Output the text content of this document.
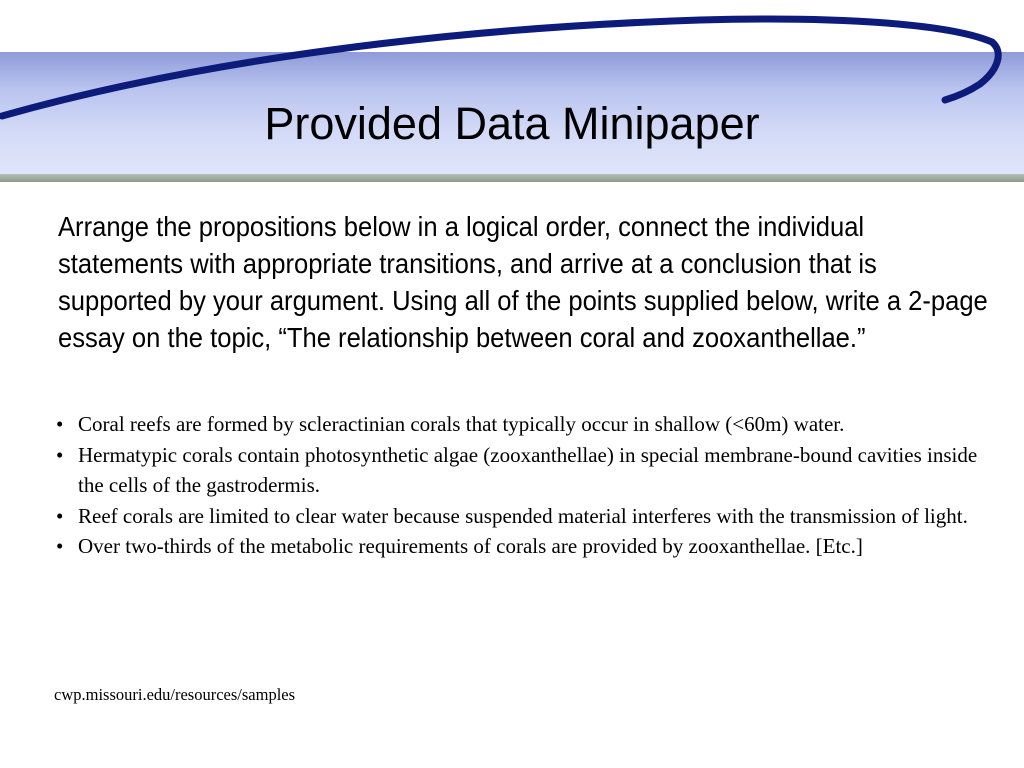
Provided Data Minipaper

Arrange the propositions below in a logical order, connect the individual statements with appropriate transitions, and arrive at a conclusion that is supported by your argument. Using all of the points supplied below, write a 2-page essay on the topic, “The relationship between coral and zooxanthellae.”

• Coral reefs are formed by scleractinian corals that typically occur in shallow (<60m) water.
• Hermatypic corals contain photosynthetic algae (zooxanthellae) in special membrane-bound cavities inside the cells of the gastrodermis.
• Reef corals are limited to clear water because suspended material interferes with the transmission of light.
• Over two-thirds of the metabolic requirements of corals are provided by zooxanthellae. [Etc.]

cwp.missouri.edu/resources/samples
